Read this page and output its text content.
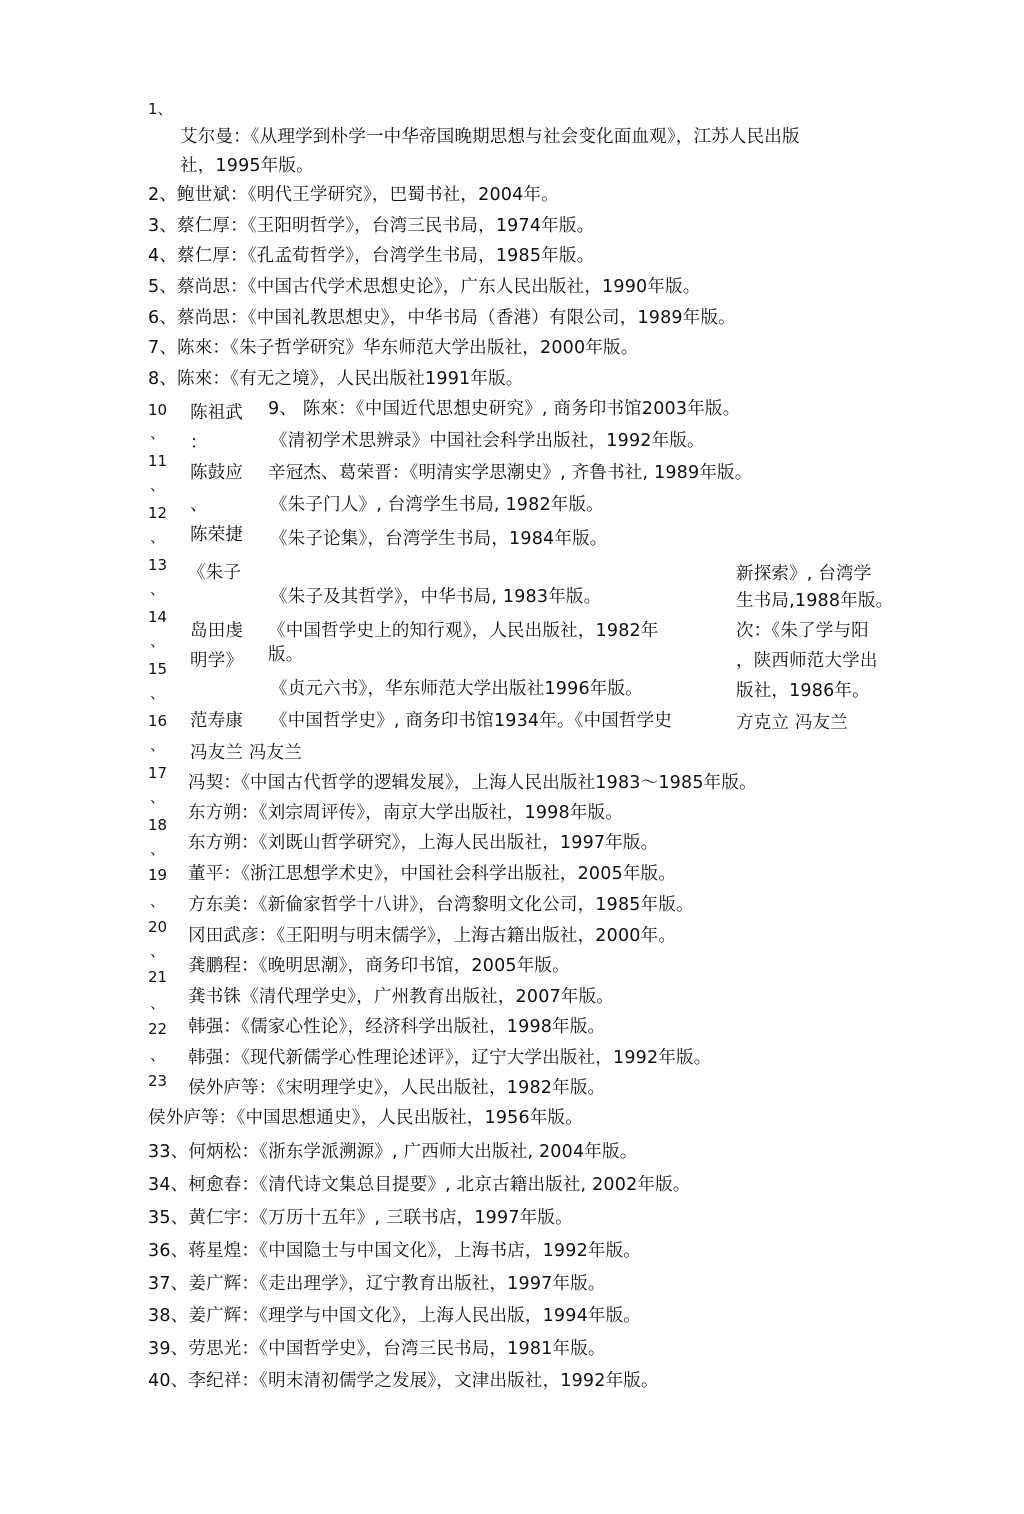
1、
艾尔曼：《从理学到朴学一中华帝国晚期思想与社会变化面血观》，江苏人民出版
社，1995年版。
2、鲍世斌：《明代王学研究》，巴蜀书社，2004年。
3、蔡仁厚：《王阳明哲学》，台湾三民书局，1974年版。
4、蔡仁厚：《孔孟荀哲学》，台湾学生书局，1985年版。
5、蔡尚思：《中国古代学术思想史论》，广东人民出版社，1990年版。
6、蔡尚思：《中国礼教思想史》，中华书局（香港）有限公司，1989年版。
7、陈來：《朱子哲学研究》华东师范大学出版社，2000年版。
8、陈來：《有无之境》，人民出版社1991年版。
10
、
11
、
12
、
13
、
14
、
15
、
16
、
17
、
18
、
19
、
20
、
21
、
22
、
23
陈祖武
：
陈鼓应
、
陈荣捷
《朱子
岛田虔
明学》
范寿康
冯友兰 冯友兰
9、 陈來：《中国近代思想史研究》, 商务印书馆2003年版。
《清初学术思辨录》中国社会科学出版社，1992年版。
辛冠杰、葛荣晋：《明清实学思潮史》, 齐鲁书社, 1989年版。
《朱子门人》, 台湾学生书局, 1982年版。
《朱子论集》，台湾学生书局，1984年版。
《朱子及其哲学》，中华书局, 1983年版。
《中国哲学史上的知行观》，人民出版社，1982年
版。
《贞元六书》，华东师范大学出版社1996年版。
《中国哲学史》, 商务印书馆1934年。《中国哲学史
新探索》, 台湾学
生书局,1988年版。
次：《朱了学与阳
，陕西师范大学出
版社，1986年。
方克立 冯友兰
冯契：《中国古代哲学的逻辑发展》，上海人民出版社1983～1985年版。
东方朔：《刘宗周评传》，南京大学出版社，1998年版。
东方朔：《刘既山哲学研究》，上海人民出版社，1997年版。
董平：《浙江思想学术史》，中国社会科学出版社，2005年版。
方东美：《新倫家哲学十八讲》，台湾黎明文化公司，1985年版。
冈田武彦：《王阳明与明末儒学》，上海古籍出版社，2000年。
龚鹏程：《晚明思潮》，商务印书馆，2005年版。
龚书铢《清代理学史》，广州教育出版社，2007年版。
韩强：《儒家心性论》，经济科学出版社，1998年版。
韩强：《现代新儒学心性理论述评》，辽宁大学出版社，1992年版。
侯外庐等：《宋明理学史》，人民出版社，1982年版。
侯外庐等：《中国思想通史》，人民出版社，1956年版。
33、何炳松：《浙东学派溯源》, 广西师大出版社, 2004年版。
34、柯愈春：《清代诗文集总目提要》, 北京古籍出版社, 2002年版。
35、黄仁宇：《万历十五年》, 三联书店，1997年版。
36、蒋星煌：《中国隐士与中国文化》，上海书店，1992年版。
37、姜广辉：《走出理学》，辽宁教育出版社，1997年版。
38、姜广辉：《理学与中国文化》，上海人民出版，1994年版。
39、劳思光：《中国哲学史》，台湾三民书局，1981年版。
40、李纪祥：《明末清初儒学之发展》，文津出版社，1992年版。
